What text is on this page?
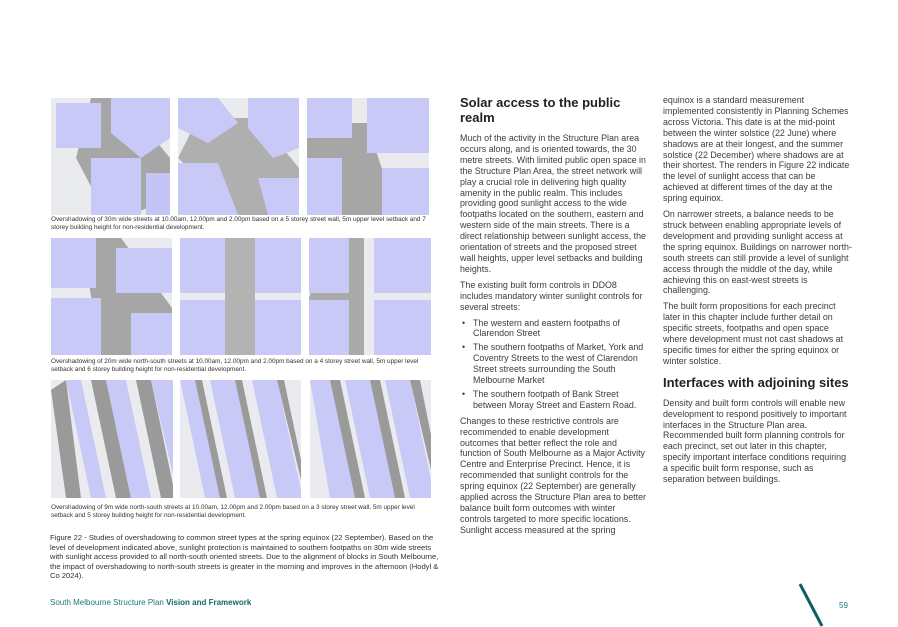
Overshadowing of 30m wide streets at 10.00am, 12.00pm and 2.00pm based on a 5 storey street wall, 5m upper level setback and 7 storey building height for non-residential development.
Overshadowing of 20m wide north-south streets at 10.00am, 12.00pm and 2.00pm based on a 4 storey street wall, 5m upper level setback and 6 storey building height for non-residential development.
Overshadowing of 9m wide north-south streets at 10.00am, 12.00pm and 2.00pm based on a 3 storey street wall, 5m upper level setback and 5 storey building height for non-residential development.
Figure 22 - Studies of overshadowing to common street types at the spring equinox (22 September). Based on the level of development indicated above, sunlight protection is maintained to southern footpaths on 30m wide streets with sunlight access provided to all north-south oriented streets. Due to the alignment of blocks in South Melbourne, the impact of overshadowing to north-south streets is greater in the morning and improves in the afternoon (Hodyl & Co 2024).
Solar access to the public realm

Much of the activity in the Structure Plan area occurs along, and is oriented towards, the 30 metre streets. With limited public open space in the Structure Plan Area, the street network will play a crucial role in delivering high quality amenity in the public realm. This includes providing good sunlight access to the wide footpaths located on the southern, eastern and western side of the main streets. There is a direct relationship between sunlight access, the orientation of streets and the proposed street wall heights, upper level setbacks and building heights.

The existing built form controls in DDO8 includes mandatory winter sunlight controls for several streets:

• The western and eastern footpaths of Clarendon Street
• The southern footpaths of Market, York and Coventry Streets to the west of Clarendon Street streets surrounding the South Melbourne Market
• The southern footpath of Bank Street between Moray Street and Eastern Road.

Changes to these restrictive controls are recommended to enable development outcomes that better reflect the role and function of South Melbourne as a Major Activity Centre and Enterprise Precinct. Hence, it is recommended that sunlight controls for the spring equinox (22 September) are generally applied across the Structure Plan area to better balance built form outcomes with winter controls targeted to more specific locations. Sunlight access measured at the spring

equinox is a standard measurement implemented consistently in Planning Schemes across Victoria. This date is at the mid-point between the winter solstice (22 June) where shadows are at their longest, and the summer solstice (22 December) where shadows are at their shortest. The renders in Figure 22 indicate the level of sunlight access that can be achieved at different times of the day at the spring equinox.

On narrower streets, a balance needs to be struck between enabling appropriate levels of development and providing sunlight access at the spring equinox. Buildings on narrower north-south streets can still provide a level of sunlight access through the middle of the day, while achieving this on east-west streets is challenging.

The built form propositions for each precinct later in this chapter include further detail on specific streets, footpaths and open space where development must not cast shadows at specific times for either the spring equinox or winter solstice.

Interfaces with adjoining sites

Density and built form controls will enable new development to respond positively to important interfaces in the Structure Plan area. Recommended built form planning controls for each precinct, set out later in this chapter, specify important interface conditions requiring a specific built form response, such as separation between buildings.

South Melbourne Structure Plan Vision and Framework	59
